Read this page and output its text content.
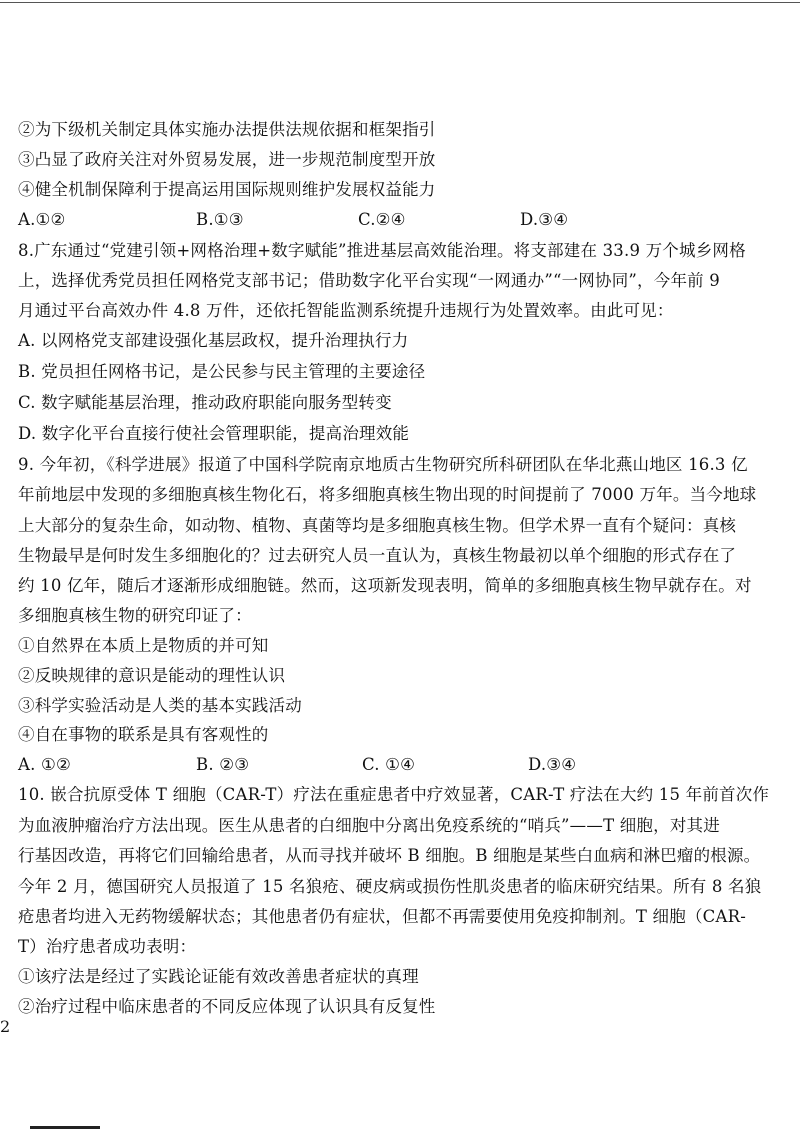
②为下级机关制定具体实施办法提供法规依据和框架指引
③凸显了政府关注对外贸易发展，进一步规范制度型开放
④健全机制保障利于提高运用国际规则维护发展权益能力
A.①②	B.①③	C.②④	D.③④
8.广东通过“党建引领+网格治理+数字赋能”推进基层高效能治理。将支部建在 33.9 万个城乡网格
上，选择优秀党员担任网格党支部书记；借助数字化平台实现“一网通办”“一网协同”，今年前 9
月通过平台高效办件 4.8 万件，还依托智能监测系统提升违规行为处置效率。由此可见：
A. 以网格党支部建设强化基层政权，提升治理执行力
B. 党员担任网格书记，是公民参与民主管理的主要途径
C. 数字赋能基层治理，推动政府职能向服务型转变
D. 数字化平台直接行使社会管理职能，提高治理效能
9. 今年初，《科学进展》报道了中国科学院南京地质古生物研究所科研团队在华北燕山地区 16.3 亿
年前地层中发现的多细胞真核生物化石，将多细胞真核生物出现的时间提前了 7000 万年。当今地球
上大部分的复杂生命，如动物、植物、真菌等均是多细胞真核生物。但学术界一直有个疑问：真核
生物最早是何时发生多细胞化的？过去研究人员一直认为，真核生物最初以单个细胞的形式存在了
约 10 亿年，随后才逐渐形成细胞链。然而，这项新发现表明，简单的多细胞真核生物早就存在。对
多细胞真核生物的研究印证了：
①自然界在本质上是物质的并可知
②反映规律的意识是能动的理性认识
③科学实验活动是人类的基本实践活动
④自在事物的联系是具有客观性的
A. ①②	B. ②③	C. ①④	D.③④
10. 嵌合抗原受体 T 细胞（CAR-T）疗法在重症患者中疗效显著，CAR-T 疗法在大约 15 年前首次作
为血液肿瘤治疗方法出现。医生从患者的白细胞中分离出免疫系统的“哨兵”——T 细胞，对其进
行基因改造，再将它们回输给患者，从而寻找并破坏 B 细胞。B 细胞是某些白血病和淋巴瘤的根源。
今年 2 月，德国研究人员报道了 15 名狼疮、硬皮病或损伤性肌炎患者的临床研究结果。所有 8 名狼
疮患者均进入无药物缓解状态；其他患者仍有症状，但都不再需要使用免疫抑制剂。T 细胞（CAR-
T）治疗患者成功表明：
①该疗法是经过了实践论证能有效改善患者症状的真理
②治疗过程中临床患者的不同反应体现了认识具有反复性
2
